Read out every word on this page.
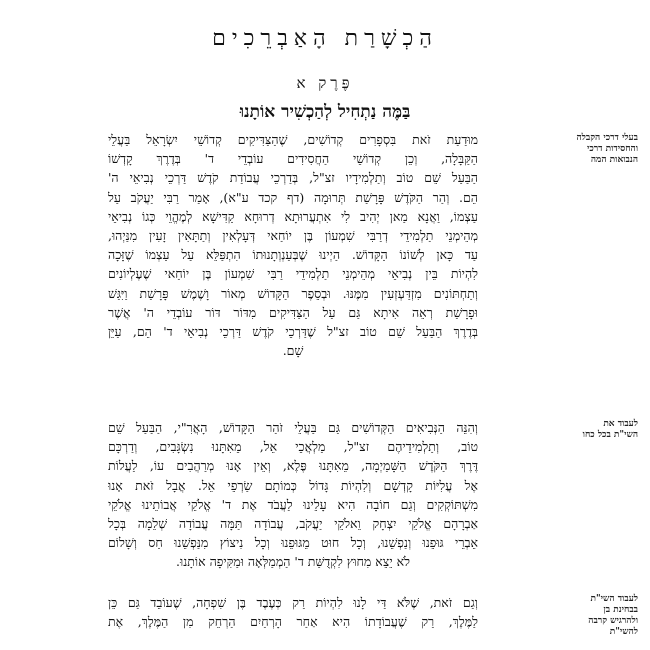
הַכְשָׁרַת הָאַבְרֵכִים
פֶּרֶק א
בַּמֶּה נַתְחִיל לְהַכְשִׁיר אוֹתָנוּ
מוּדַעַת זֹאת בִּסְפָרִים קְדוֹשִׁים, שֶׁהַצַּדִּיקִים קְדוֹשֵׁי יִשְׂרָאֵל בַּעֲלֵי
הַקַּבָּלָה, וְכֵן קְדוֹשֵׁי הַחֲסִידִים עוֹבְדֵי ד' בְּדֶרֶךְ קָדְשׁוֹ
הַבַּעַל שֵׁם טוֹב וְתַלְמִידָיו זצ"ל, בְּדַרְכֵי עֲבוֹדַת קֹדֶשׁ דַּרְכֵי נְבִיאֵי ה'
הֵם. וְהַר הַקֹּדֶשׁ פָּרָשַׁת תְּרוּמָה (דף קכד ע"א), אָמַר רַבִּי יַעֲקֹב עַל
עַצְמוֹ, וַאֲנָא מַאן יְהִיב לִי אִתְעֲרוּתָא דְרוּחָא קַדִּישָׁא לְמֶהֱוֵי כְּגוֹ נְבִיאֵי
מְהֵימְנֵי תַלְמִידֵי דְרַבִּי שִׁמְעוֹן בֶּן יוֹחַאי דְּעָלְאִין וְתַתָּאִין זָעִין מִנַּיְהוּ,
עַד כָּאן לְשׁוֹנוֹ הַקָּדוֹשׁ. הַיְינוּ שֶׁבְּעַנְוְתָנוּתוֹ הִתְפַּלֵּא עַל עַצְמוֹ שֶׁזָּכָה
לִהְיוֹת בֵּין נְבִיאֵי מְהֵימְנֵי תַלְמִידֵי רַבִּי שִׁמְעוֹן בֶּן יוֹחַאי שֶׁעֶלְיוֹנִים
וְתַחְתּוֹנִים מִזְדַּעְזְעִין מִמֶּנּוּ. וּבְסֵפֶר הַקָּדוֹשׁ מְאוֹר וָשֶׁמֶשׁ פָּרָשַׁת וַיִּגַּשׁ
וּפָרָשַׁת רְאֵה אִיתָא גַּם עַל הַצַּדִּיקִים מִדּוֹר דּוֹר עוֹבְדֵי ה' אֲשֶׁר
בְּדֶרֶךְ הַבַּעַל שֵׁם טוֹב זצ"ל שֶׁדַּרְכֵי קֹדֶשׁ דַּרְכֵי נְבִיאֵי ד' הֵם, עַיֵּן
שָׁם.
וְהִנֵּה הַנְּבִיאִים הַקְּדוֹשִׁים גַּם בַּעֲלֵי זֹהַר הַקָּדוֹשׁ, הָאֲרִ"י, הַבַּעַל שֵׁם
טוֹב, וְתַלְמִידֵיהֶם זצ"ל, מַלְאֲכֵי אֵל, מֵאִתָּנוּ נִשְׂגָּבִים, וְדַרְכָּם
דֶּרֶךְ הַקֹּדֶשׁ הַשָּׁמַיְמָה, מֵאִתָּנוּ פֶּלֶא, וְאֵין אָנוּ מְרַהֲבִים עוֹ, לַעֲלוֹת
אֶל עֲלִיּוֹת קָדְשָׁם וְלִהְיוֹת גָּדוֹל כְּמוֹתָם שַׂרְפֵי אֵל. אֲבָל זֹאת אָנוּ
מִשְׁתּוֹקְקִים וְגַם חוֹבָה הִיא עָלֵינוּ לַעֲבֹד אֶת ד' אֱלֹקֵי אֲבוֹתֵינוּ אֱלֹקֵי
אַבְרָהָם אֱלֹקֵי יִצְחָק וֵאלֹקֵי יַעֲקֹב, עֲבוֹדָה תַּמָּה עֲבוֹדָה שְׁלֵמָה בְּכָל
אֵבְרֵי גּוּפֵנוּ וְנַפְשֵׁנוּ, וְכָל חוּט מֵגּוּפֵנוּ וְכָל נִיצוֹץ מִנַּפְשֵׁנוּ חַס וְשָׁלוֹם
לֹא יֵצֵא מִחוּץ לִקְדֻשַּׁת ד' הַמְמַלְּאָה וּמַקִּיפָה אוֹתָנוּ.
וְגַם זֹאת, שֶׁלֹּא דַּי לָנוּ לִהְיוֹת רַק כְּעֶבֶד בֶּן שִׁפְחָה, שֶׁעוֹבֵד גַּם כֵּן
לַמֶּלֶךְ, רַק שֶׁעֲבוֹדָתוֹ הִיא אַחַר הָרְחַיִם הַרְחֵק מִן הַמֶּלֶךְ, אֶת
בעלי דרכי הקבלה
והחסידות דרכי
הנבואות המה
לעבוד את
השי"ת בכל כחו
לעבוד השי"ת
בבחינת בן
ולהרגיש קרבה
להשי"ת
